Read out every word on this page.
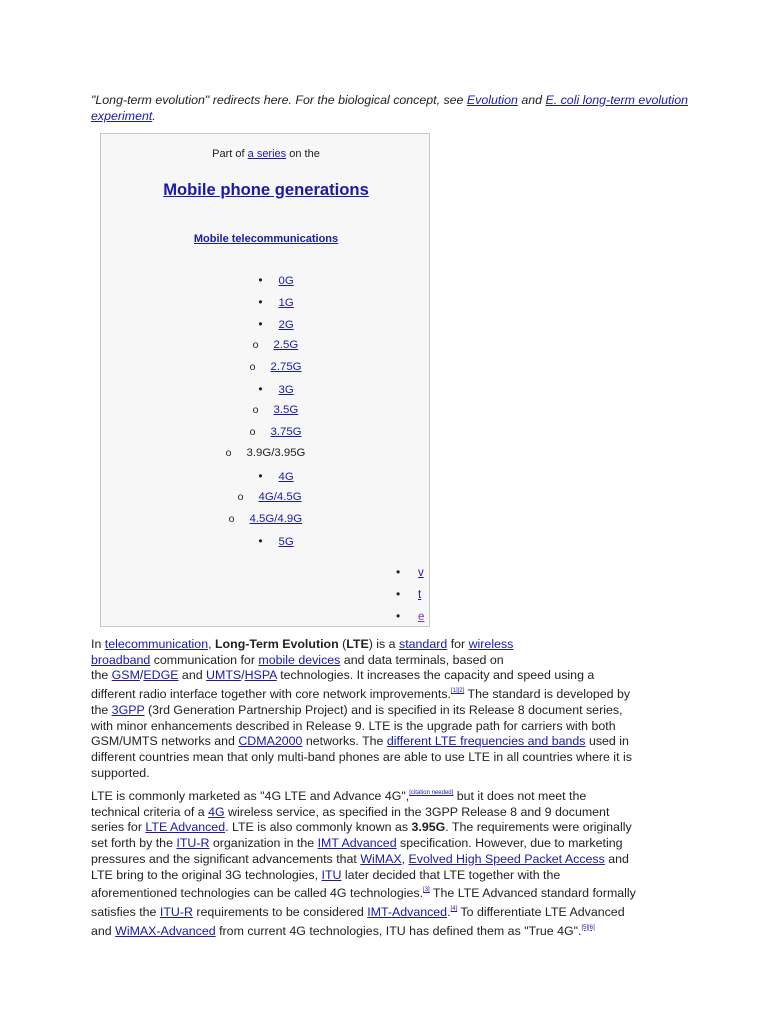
"Long-term evolution" redirects here. For the biological concept, see Evolution and E. coli long-term evolution experiment.
Part of a series on the
Mobile phone generations
Mobile telecommunications
• 0G
• 1G
• 2G
o 2.5G
o 2.75G
• 3G
o 3.5G
o 3.75G
o 3.9G/3.95G
• 4G
o 4G/4.5G
o 4.5G/4.9G
• 5G
• v
• t
• e
In telecommunication, Long-Term Evolution (LTE) is a standard for wireless
broadband communication for mobile devices and data terminals, based on
the GSM/EDGE and UMTS/HSPA technologies. It increases the capacity and speed using a
different radio interface together with core network improvements.[1][2] The standard is developed by
the 3GPP (3rd Generation Partnership Project) and is specified in its Release 8 document series,
with minor enhancements described in Release 9. LTE is the upgrade path for carriers with both
GSM/UMTS networks and CDMA2000 networks. The different LTE frequencies and bands used in
different countries mean that only multi-band phones are able to use LTE in all countries where it is
supported.
LTE is commonly marketed as "4G LTE and Advance 4G",[citation needed] but it does not meet the
technical criteria of a 4G wireless service, as specified in the 3GPP Release 8 and 9 document
series for LTE Advanced. LTE is also commonly known as 3.95G. The requirements were originally
set forth by the ITU-R organization in the IMT Advanced specification. However, due to marketing
pressures and the significant advancements that WiMAX, Evolved High Speed Packet Access and
LTE bring to the original 3G technologies, ITU later decided that LTE together with the
aforementioned technologies can be called 4G technologies.[3] The LTE Advanced standard formally
satisfies the ITU-R requirements to be considered IMT-Advanced.[4] To differentiate LTE Advanced
and WiMAX-Advanced from current 4G technologies, ITU has defined them as "True 4G".[5][6]
